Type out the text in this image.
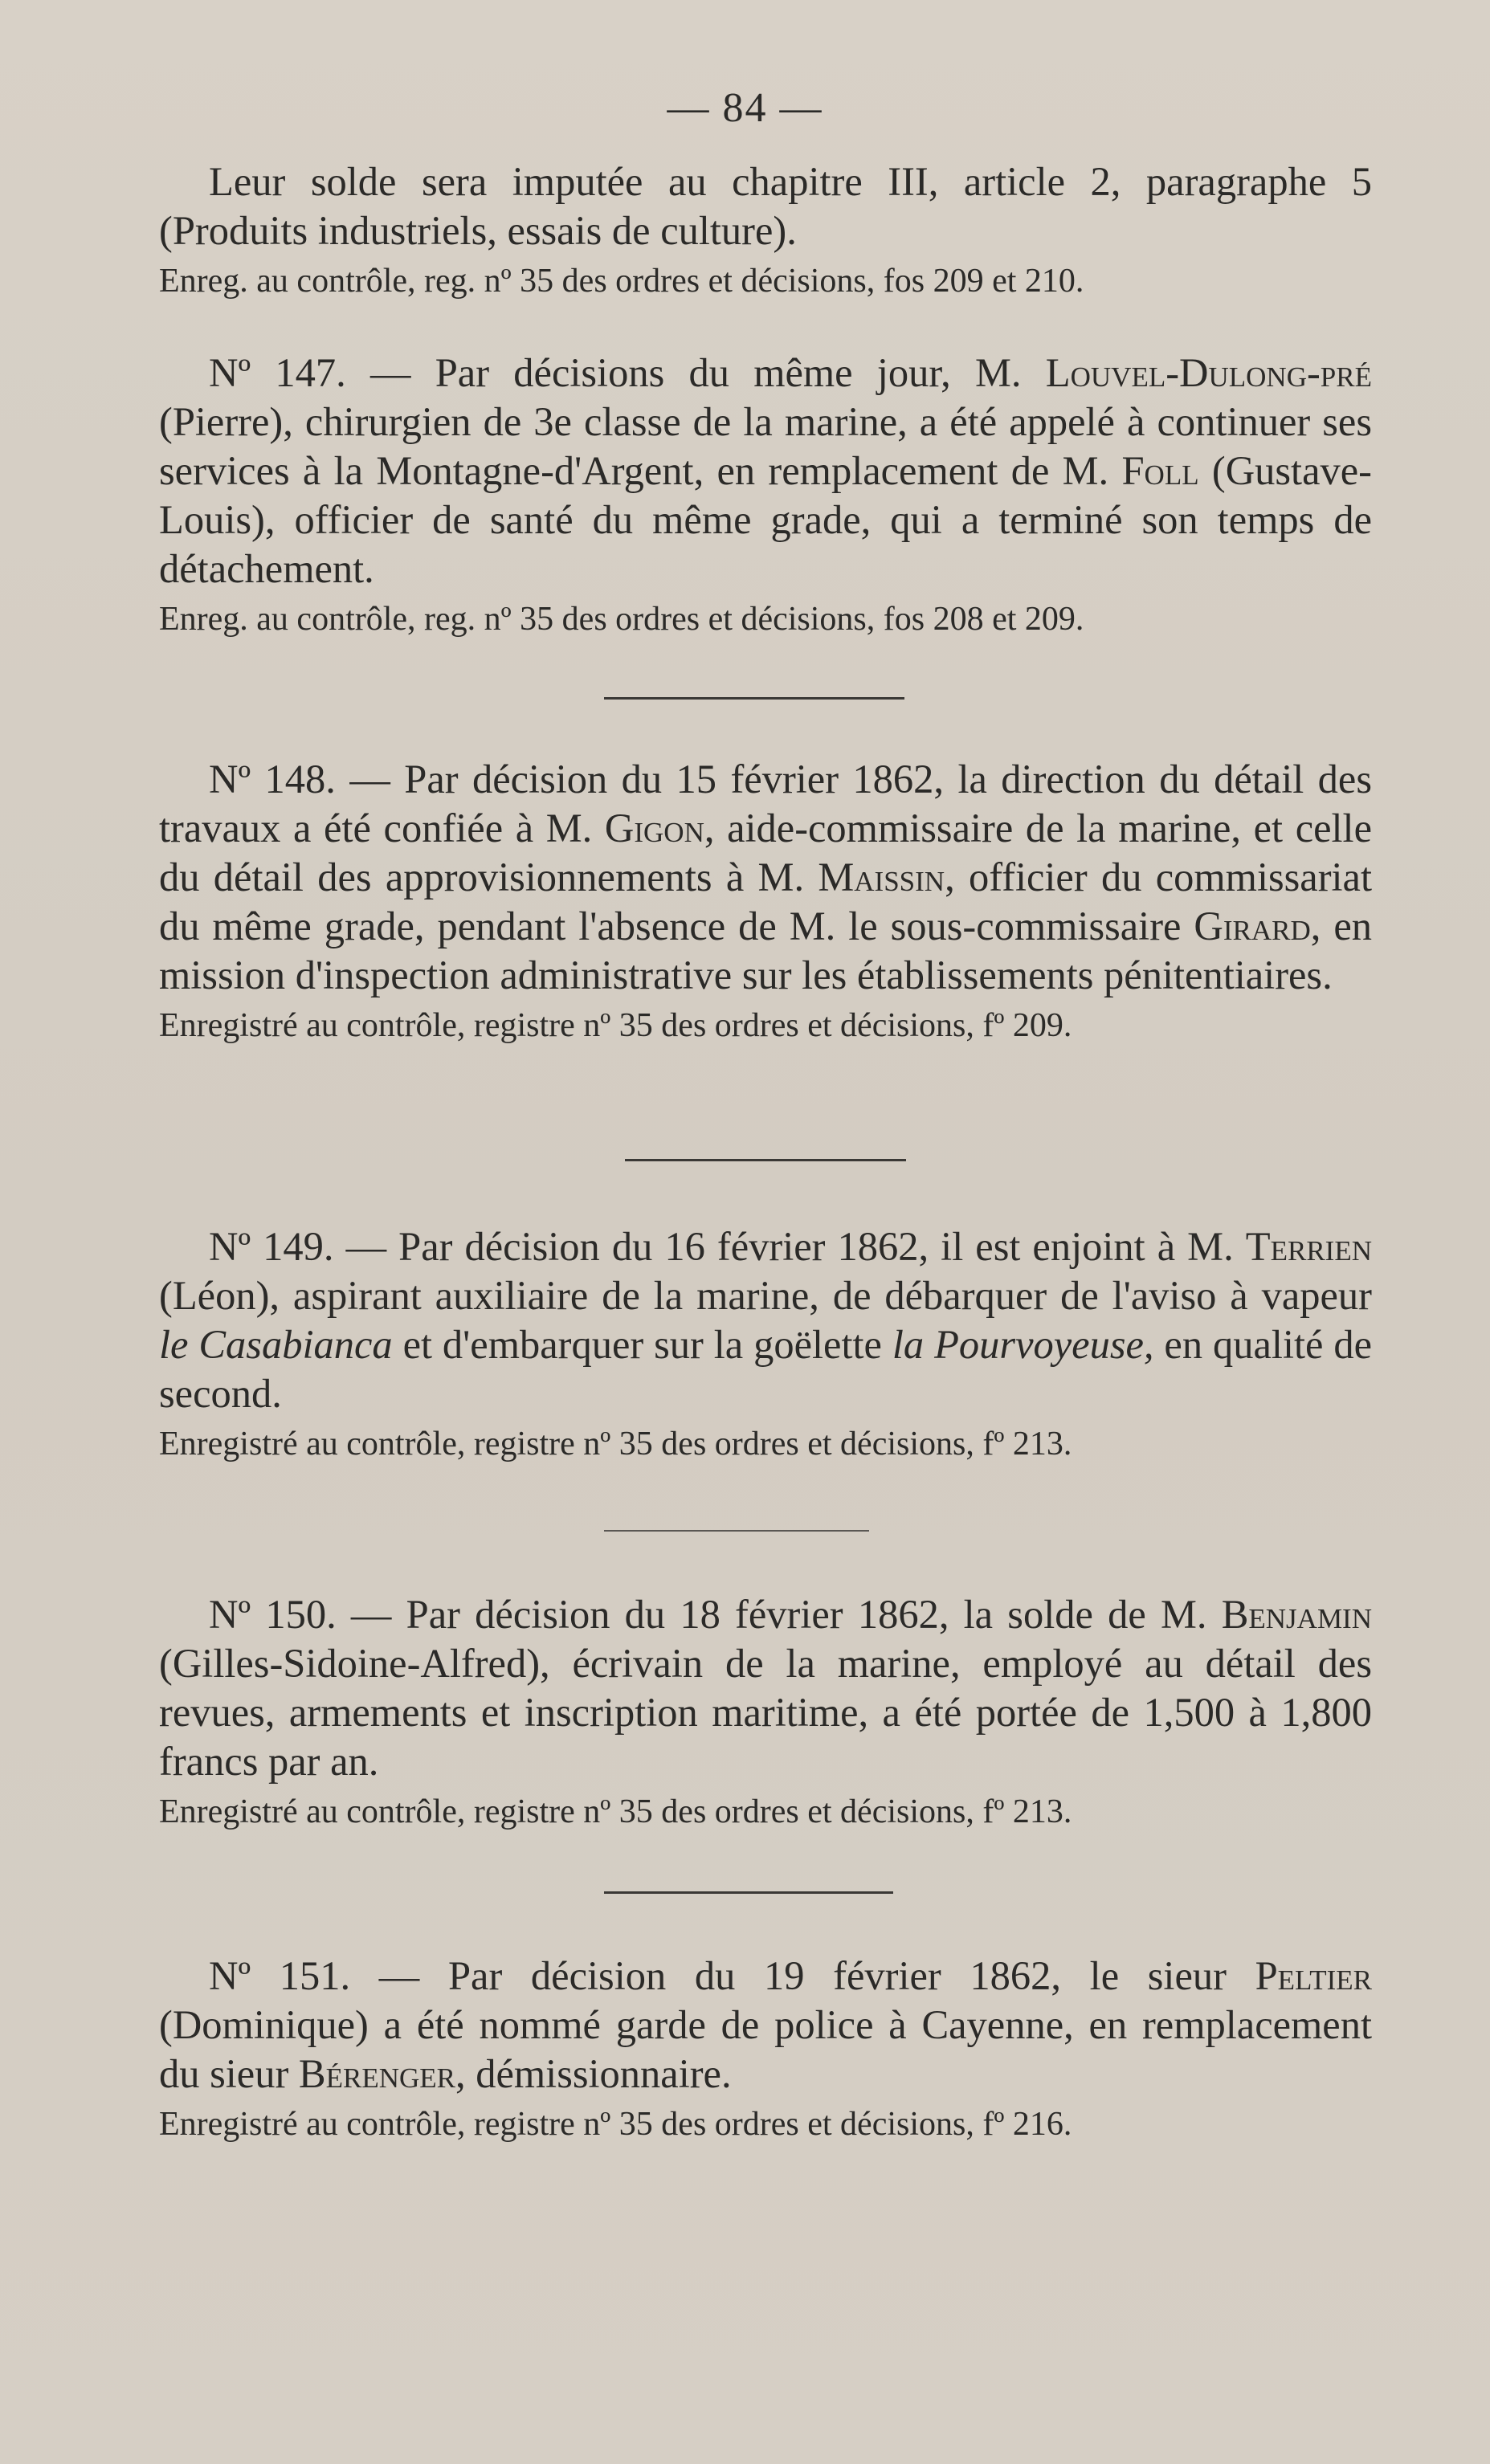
— 84 —

Leur solde sera imputée au chapitre III, article 2, paragraphe 5 (Produits industriels, essais de culture).

Enreg. au contrôle, reg. nº 35 des ordres et décisions, fos 209 et 210.

Nº 147. — Par décisions du même jour, M. Louvel-Dulong-pré (Pierre), chirurgien de 3e classe de la marine, a été appelé à continuer ses services à la Montagne-d'Argent, en remplacement de M. Foll (Gustave-Louis), officier de santé du même grade, qui a terminé son temps de détachement.

Enreg. au contrôle, reg. nº 35 des ordres et décisions, fos 208 et 209.

Nº 148. — Par décision du 15 février 1862, la direction du détail des travaux a été confiée à M. Gigon, aide-commissaire de la marine, et celle du détail des approvisionnements à M. Maissin, officier du commissariat du même grade, pendant l'absence de M. le sous-commissaire Girard, en mission d'inspection administrative sur les établissements pénitentiaires.

Enregistré au contrôle, registre nº 35 des ordres et décisions, fº 209.

Nº 149. — Par décision du 16 février 1862, il est enjoint à M. Terrien (Léon), aspirant auxiliaire de la marine, de débarquer de l'aviso à vapeur le Casabianca et d'embarquer sur la goëlette la Pourvoyeuse, en qualité de second.

Enregistré au contrôle, registre nº 35 des ordres et décisions, fº 213.

Nº 150. — Par décision du 18 février 1862, la solde de M. Benjamin (Gilles-Sidoine-Alfred), écrivain de la marine, employé au détail des revues, armements et inscription maritime, a été portée de 1,500 à 1,800 francs par an.

Enregistré au contrôle, registre nº 35 des ordres et décisions, fº 213.

Nº 151. — Par décision du 19 février 1862, le sieur Peltier (Dominique) a été nommé garde de police à Cayenne, en remplacement du sieur Bérenger, démissionnaire.

Enregistré au contrôle, registre nº 35 des ordres et décisions, fº 216.
